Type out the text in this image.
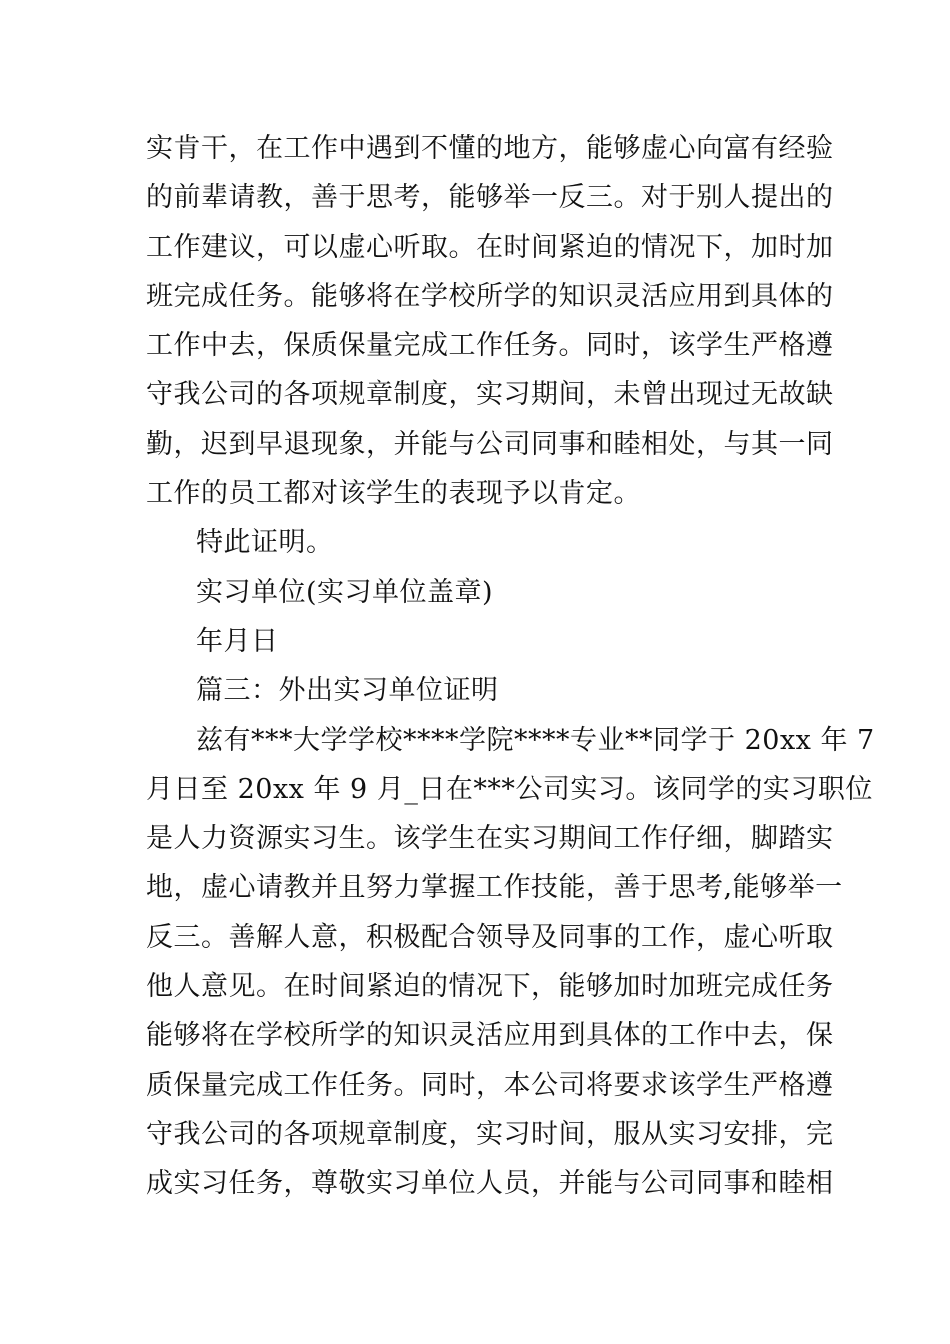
实肯干，在工作中遇到不懂的地方，能够虚心向富有经验
的前辈请教，善于思考，能够举一反三。对于别人提出的
工作建议，可以虚心听取。在时间紧迫的情况下，加时加
班完成任务。能够将在学校所学的知识灵活应用到具体的
工作中去，保质保量完成工作任务。同时，该学生严格遵
守我公司的各项规章制度，实习期间，未曾出现过无故缺
勤，迟到早退现象，并能与公司同事和睦相处，与其一同
工作的员工都对该学生的表现予以肯定。
特此证明。
实习单位(实习单位盖章)
年月日
篇三：外出实习单位证明
兹有***大学学校****学院****专业**同学于 20xx 年 7
月日至 20xx 年 9 月_日在***公司实习。该同学的实习职位
是人力资源实习生。该学生在实习期间工作仔细，脚踏实
地，虚心请教并且努力掌握工作技能，善于思考,能够举一
反三。善解人意，积极配合领导及同事的工作，虚心听取
他人意见。在时间紧迫的情况下，能够加时加班完成任务
能够将在学校所学的知识灵活应用到具体的工作中去，保
质保量完成工作任务。同时，本公司将要求该学生严格遵
守我公司的各项规章制度，实习时间，服从实习安排，完
成实习任务，尊敬实习单位人员，并能与公司同事和睦相
